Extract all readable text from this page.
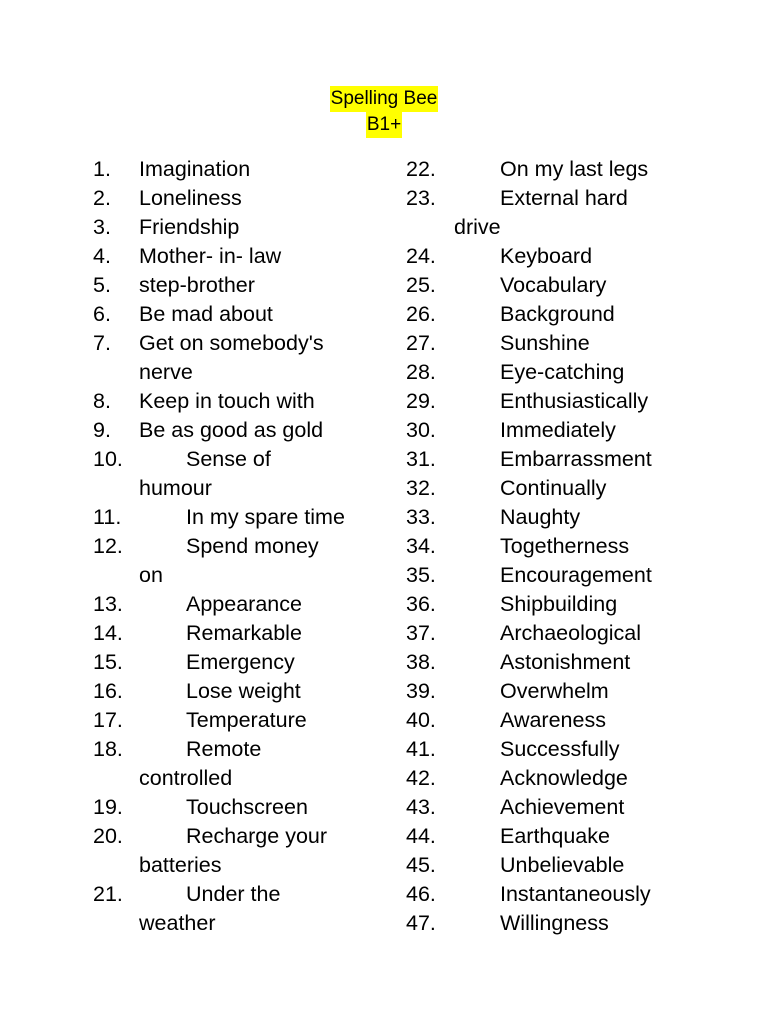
Spelling Bee
B1+
1. Imagination
2. Loneliness
3. Friendship
4. Mother- in- law
5. step-brother
6. Be mad about
7. Get on somebody's
nerve
8. Keep in touch with
9. Be as good as gold
10.	Sense of
humour
11.	In my spare time
12.	Spend money
on
13.	Appearance
14.	Remarkable
15.	Emergency
16.	Lose weight
17.	Temperature
18.	Remote
controlled
19.	Touchscreen
20.	Recharge your
batteries
21.	Under the
weather
22.	On my last legs
23.	External hard
drive
24.	Keyboard
25.	Vocabulary
26.	Background
27.	Sunshine
28.	Eye-catching
29.	Enthusiastically
30.	Immediately
31.	Embarrassment
32.	Continually
33.	Naughty
34.	Togetherness
35.	Encouragement
36.	Shipbuilding
37.	Archaeological
38.	Astonishment
39.	Overwhelm
40.	Awareness
41.	Successfully
42.	Acknowledge
43.	Achievement
44.	Earthquake
45.	Unbelievable
46.	Instantaneously
47.	Willingness
